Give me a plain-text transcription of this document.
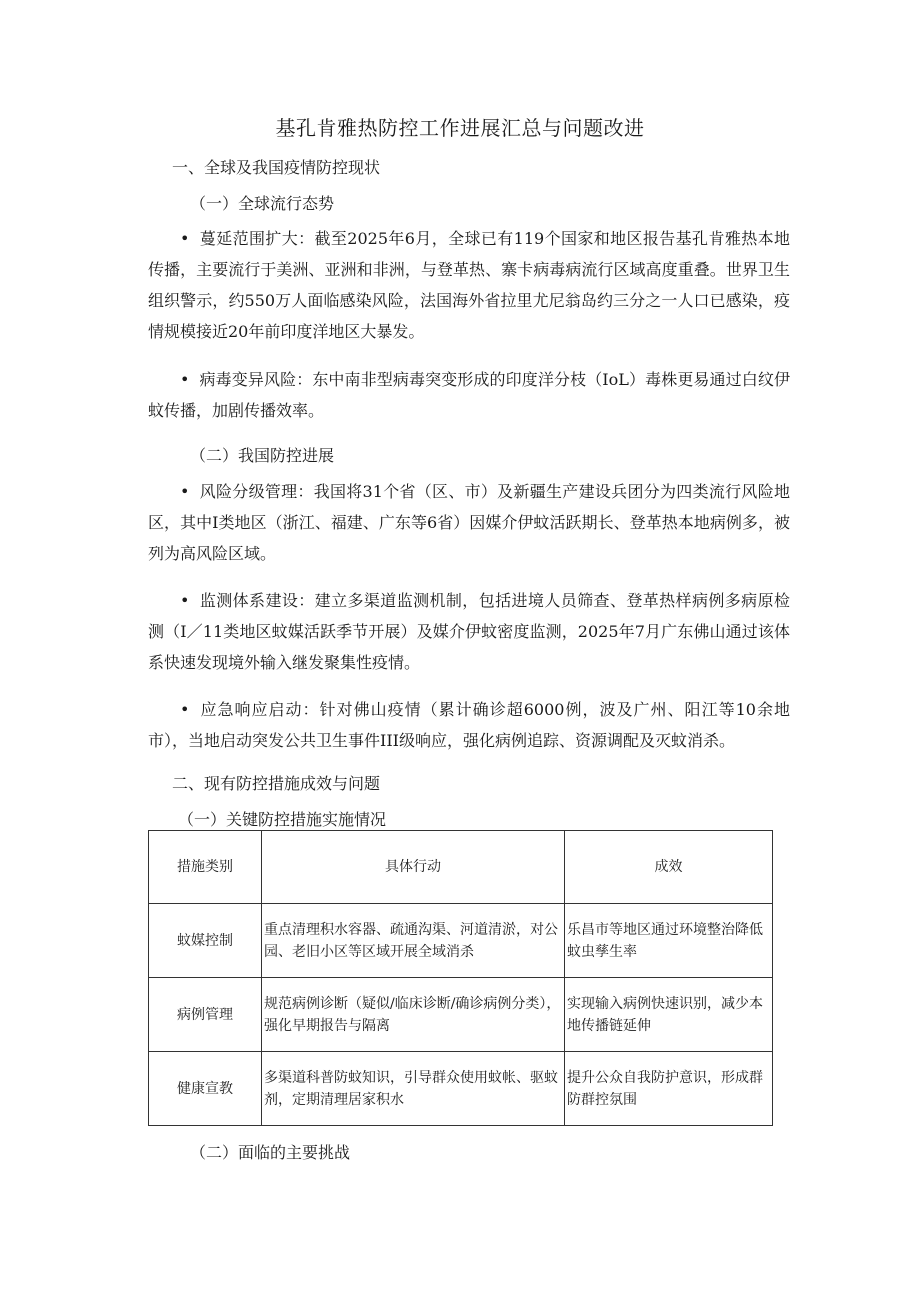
基孔肯雅热防控工作进展汇总与问题改进
一、全球及我国疫情防控现状
（一）全球流行态势
• 蔓延范围扩大：截至2025年6月，全球已有119个国家和地区报告基孔肯雅热本地传播，主要流行于美洲、亚洲和非洲，与登革热、寨卡病毒病流行区域高度重叠。世界卫生组织警示，约550万人面临感染风险，法国海外省拉里尤尼翁岛约三分之一人口已感染，疫情规模接近20年前印度洋地区大暴发。
• 病毒变异风险：东中南非型病毒突变形成的印度洋分枝（IoL）毒株更易通过白纹伊蚊传播，加剧传播效率。
（二）我国防控进展
• 风险分级管理：我国将31个省（区、市）及新疆生产建设兵团分为四类流行风险地区，其中I类地区（浙江、福建、广东等6省）因媒介伊蚊活跃期长、登革热本地病例多，被列为高风险区域。
• 监测体系建设：建立多渠道监测机制，包括进境人员筛查、登革热样病例多病原检测（I／11类地区蚊媒活跃季节开展）及媒介伊蚊密度监测，2025年7月广东佛山通过该体系快速发现境外输入继发聚集性疫情。
• 应急响应启动：针对佛山疫情（累计确诊超6000例，波及广州、阳江等10余地市），当地启动突发公共卫生事件III级响应，强化病例追踪、资源调配及灭蚊消杀。
二、现有防控措施成效与问题
（一）关键防控措施实施情况
措施类别	具体行动	成效
蚊媒控制	重点清理积水容器、疏通沟渠、河道清淤，对公园、老旧小区等区域开展全域消杀	乐昌市等地区通过环境整治降低蚊虫孳生率
病例管理	规范病例诊断（疑似/临床诊断/确诊病例分类），强化早期报告与隔离	实现输入病例快速识别，减少本地传播链延伸
健康宣教	多渠道科普防蚊知识，引导群众使用蚊帐、驱蚊剂，定期清理居家积水	提升公众自我防护意识，形成群防群控氛围
（二）面临的主要挑战
